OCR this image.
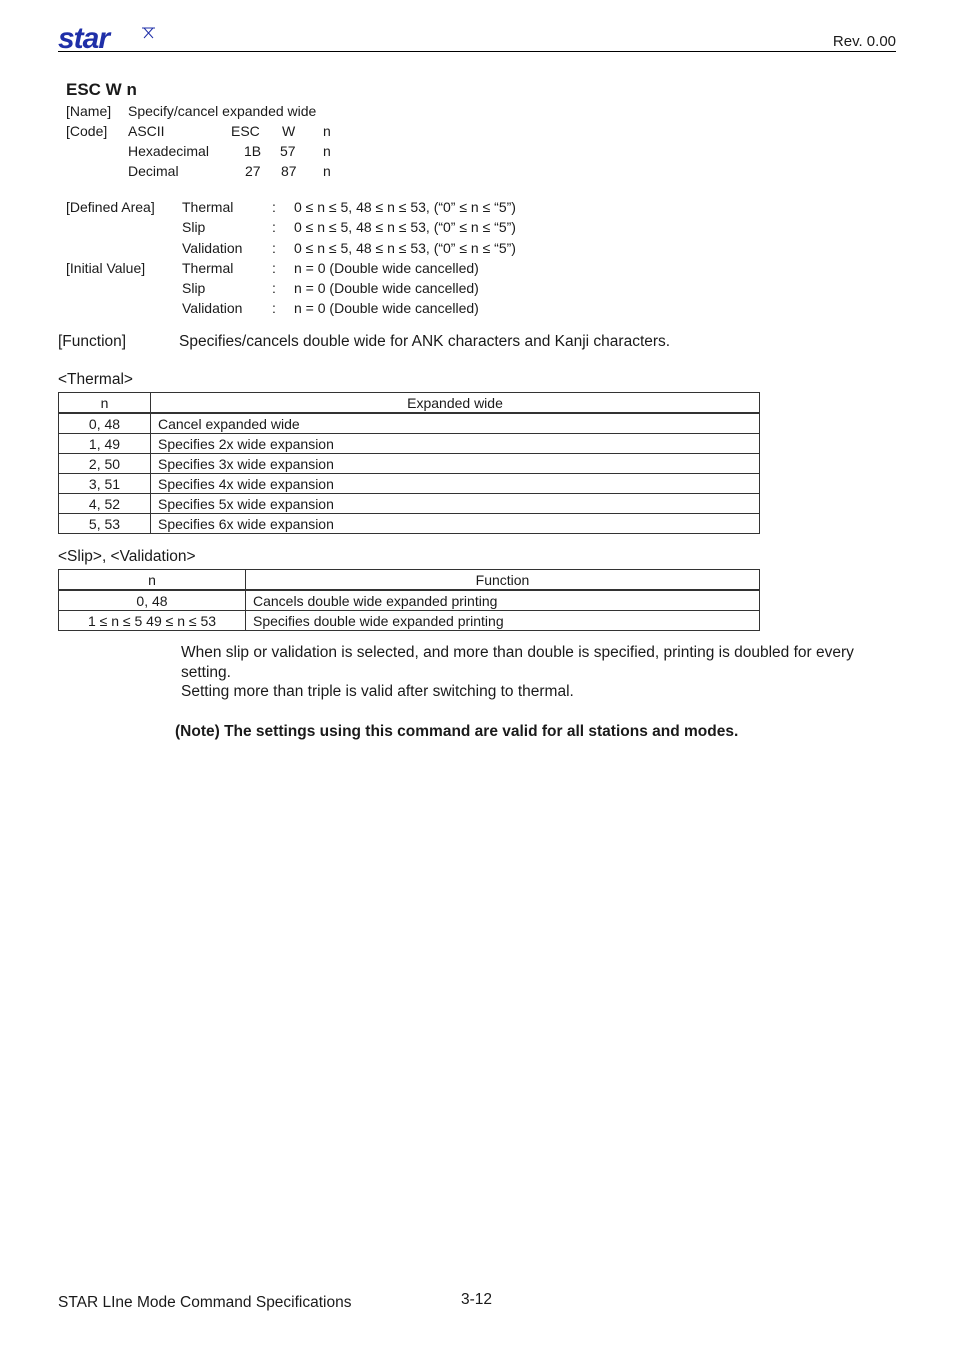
star	Rev. 0.00
ESC W n
[Name] Specify/cancel expanded wide
[Code] ASCII	ESC W n
Hexadecimal	1B 57 n
Decimal	27 87 n
[Defined Area] Thermal	: 0 ≤ n ≤ 5, 48 ≤ n ≤ 53, (“0” ≤ n ≤ “5”)
Slip	: 0 ≤ n ≤ 5, 48 ≤ n ≤ 53, (“0” ≤ n ≤ “5”)
Validation : 0 ≤ n ≤ 5, 48 ≤ n ≤ 53, (“0” ≤ n ≤ “5”)
[Initial Value]	Thermal	: n = 0 (Double wide cancelled)
Slip	: n = 0 (Double wide cancelled)
Validation : n = 0 (Double wide cancelled)
[Function]	Specifies/cancels double wide for ANK characters and Kanji characters.
<Thermal>
n	Expanded wide
0, 48	Cancel expanded wide
1, 49	Specifies 2x wide expansion
2, 50	Specifies 3x wide expansion
3, 51	Specifies 4x wide expansion
4, 52	Specifies 5x wide expansion
5, 53	Specifies 6x wide expansion
<Slip>, <Validation>
n	Function
0, 48	Cancels double wide expanded printing
1 ≤ n ≤ 5 49 ≤ n ≤ 53	Specifies double wide expanded printing

When slip or validation is selected, and more than double is specified, printing is doubled for every setting.

Setting more than triple is valid after switching to thermal.

(Note) The settings using this command are valid for all stations and modes.
STAR LIne Mode Command Specifications	3-12
